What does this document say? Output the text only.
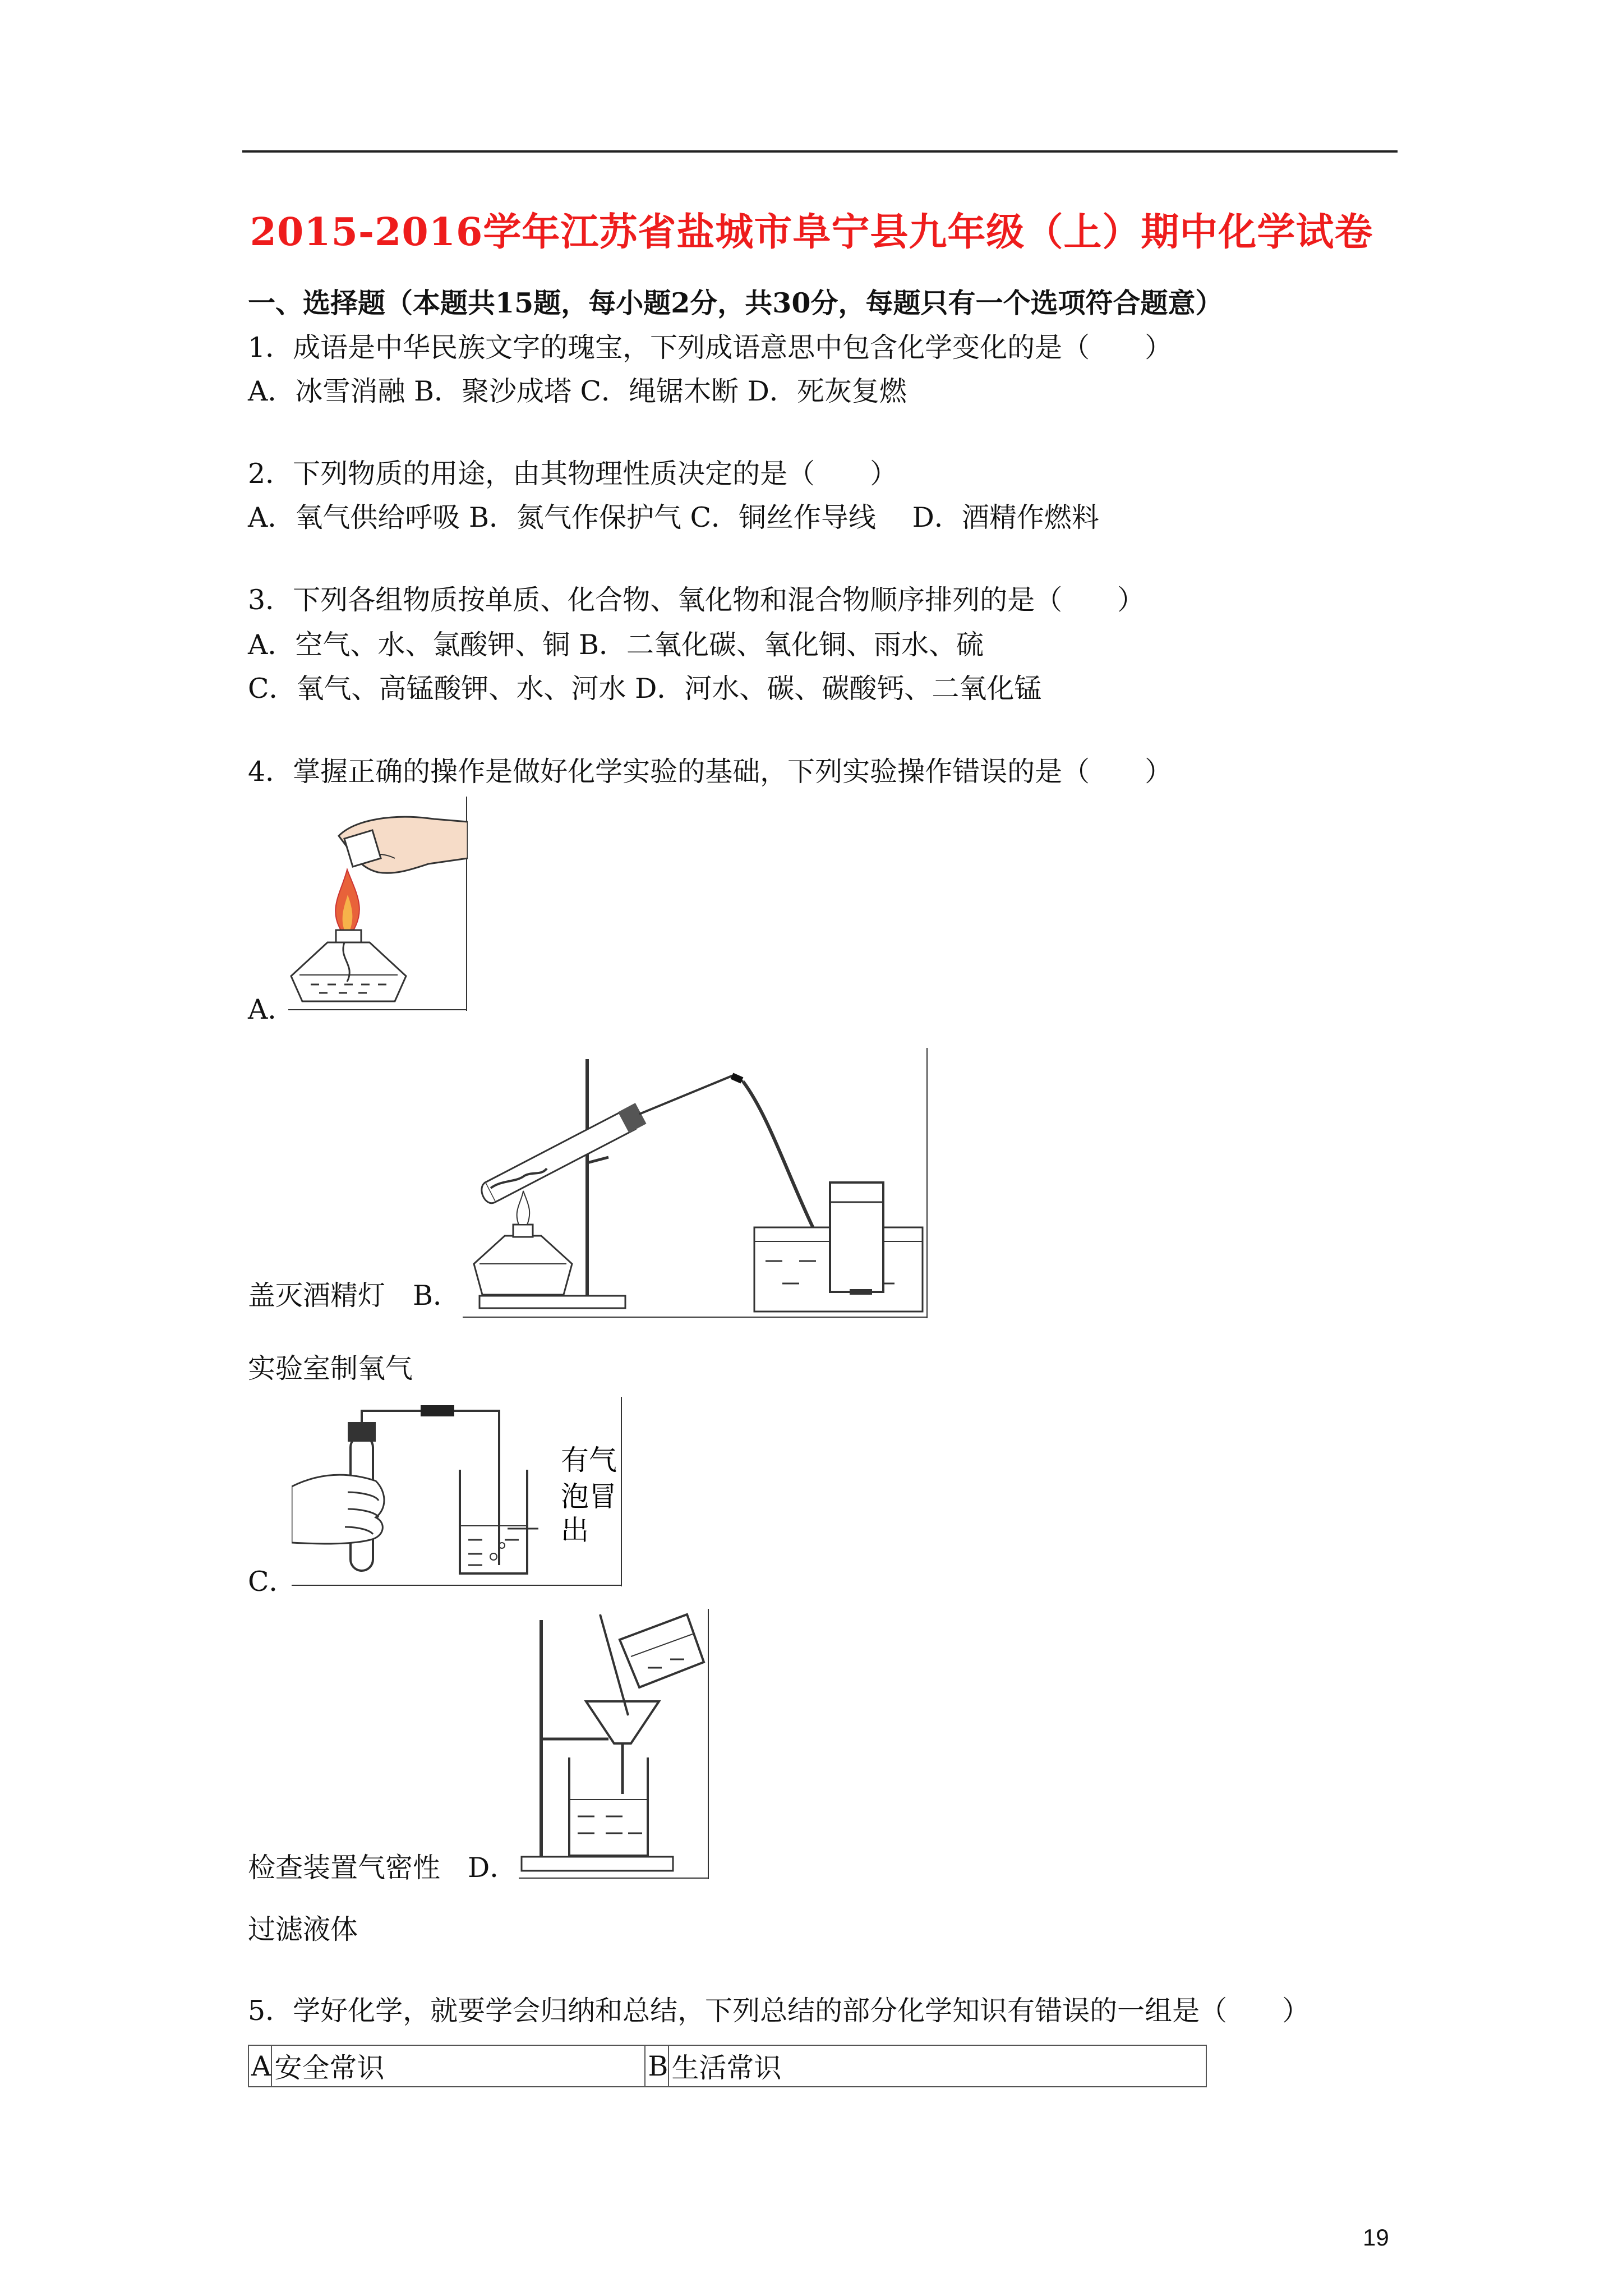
2015-2016学年江苏省盐城市阜宁县九年级（上）期中化学试卷
一、选择题（本题共15题，每小题2分，共30分，每题只有一个选项符合题意）
1．成语是中华民族文字的瑰宝，下列成语意思中包含化学变化的是（　　）
A．冰雪消融 B．聚沙成塔 C．绳锯木断 D．死灰复燃
2．下列物质的用途，由其物理性质决定的是（　　）
A．氧气供给呼吸 B．氮气作保护气 C．铜丝作导线　 D．酒精作燃料
3．下列各组物质按单质、化合物、氧化物和混合物顺序排列的是（　　）
A．空气、水、氯酸钾、铜 B．二氧化碳、氧化铜、雨水、硫
C．氧气、高锰酸钾、水、河水 D．河水、碳、碳酸钙、二氧化锰
4．掌握正确的操作是做好化学实验的基础，下列实验操作错误的是（　　）
A．
盖灭酒精灯　 B．
实验室制氧气
有气
泡冒
出
C．
检查装置气密性　 D．
过滤液体
5．学好化学，就要学会归纳和总结，下列总结的部分化学知识有错误的一组是（　　）
A	安全常识	B	生活常识
19
